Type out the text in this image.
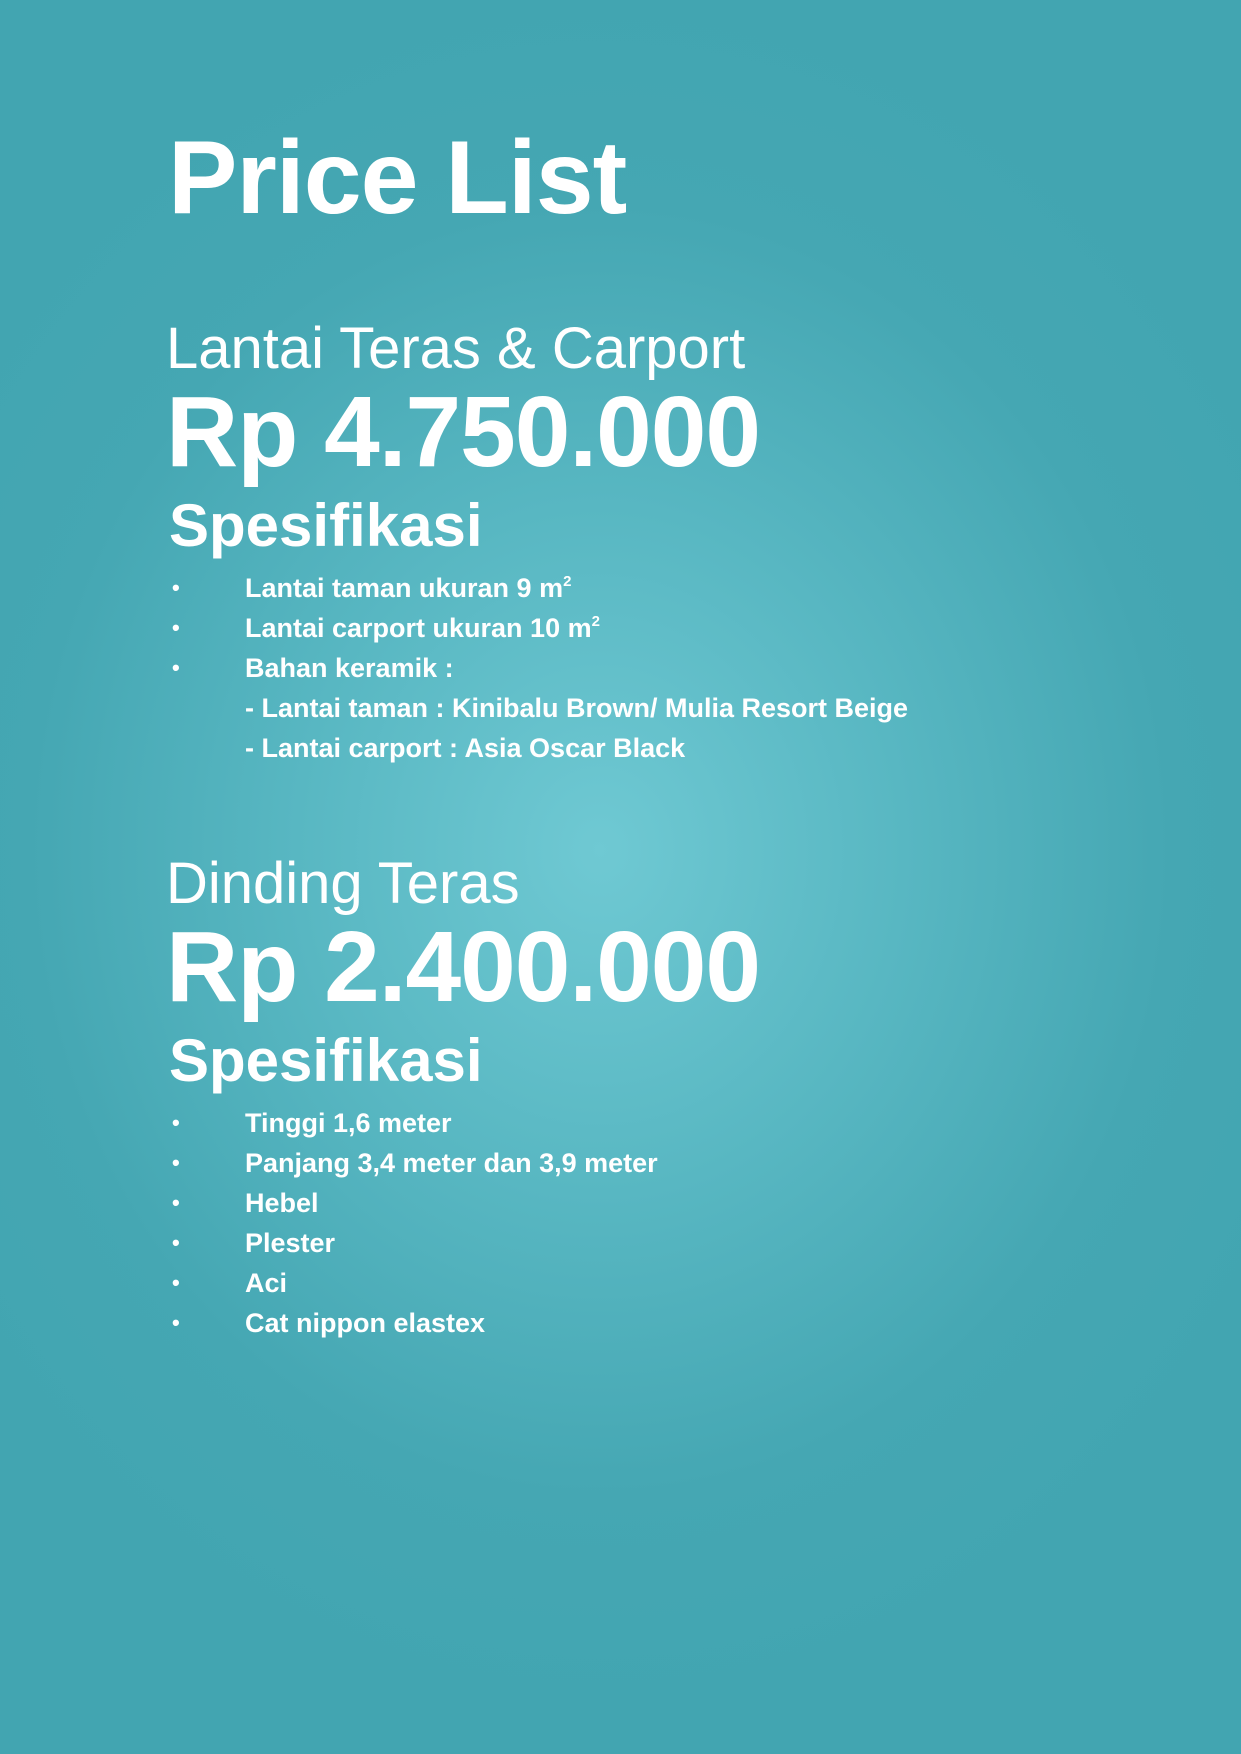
Price List
Lantai Teras & Carport
Rp 4.750.000
Spesifikasi
• Lantai taman ukuran 9 $m^2$
• Lantai carport ukuran 10 $m^2$
• Bahan keramik :
- Lantai taman : Kinibalu Brown/ Mulia Resort Beige
- Lantai carport : Asia Oscar Black
Dinding Teras
Rp 2.400.000
Spesifikasi
• Tinggi 1,6 meter
• Panjang 3,4 meter dan 3,9 meter
• Hebel
• Plester
• Aci
• Cat nippon elastex
